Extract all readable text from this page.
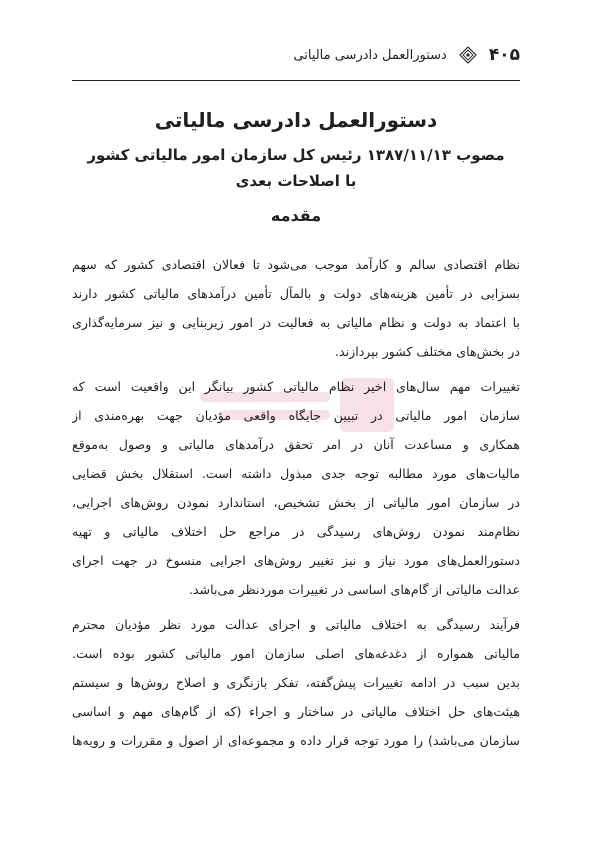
۴۰۵
دستورالعمل دادرسی مالیاتی
دستورالعمل دادرسی مالیاتی

مصوب ۱۳۸۷/۱۱/۱۳ رئیس کل سازمان امور مالیاتی کشور

با اصلاحات بعدی

مقدمه
نظام اقتصادی سالم و کارآمد موجب می‌شود تا فعالان اقتصادی کشور که سهم
بسزایی در تأمین هزینه‌های دولت و بالمآل تأمین درآمدهای مالیاتی کشور دارند
با اعتماد به دولت و نظام مالیاتی به فعالیت در امور زیربنایی و نیز سرمایه‌گذاری
در بخش‌های مختلف کشور بپردازند.
تغییرات مهم سال‌های اخیر نظام مالیاتی کشور بیانگر این واقعیت است که
سازمان امور مالیاتی در تبیین جایگاه واقعی مؤدیان جهت بهره‌مندی از
همکاری و مساعدت آنان در امر تحقق درآمدهای مالیاتی و وصول به‌موقع
مالیات‌های مورد مطالبه توجه جدی مبذول داشته است. استقلال بخش قضایی
در سازمان امور مالیاتی از بخش تشخیص، استاندارد نمودن روش‌های اجرایی،
نظام‌مند نمودن روش‌های رسیدگی در مراجع حل اختلاف مالیاتی و تهیه
دستورالعمل‌های مورد نیاز و نیز تغییر روش‌های اجرایی منسوخ در جهت اجرای
عدالت مالیاتی از گام‌های اساسی در تغییرات موردنظر می‌باشد.
فرآیند رسیدگی به اختلاف مالیاتی و اجرای عدالت مورد نظر مؤدیان محترم
مالیاتی همواره از دغدغه‌های اصلی سازمان امور مالیاتی کشور بوده است.
بدین سبب در ادامه تغییرات پیش‌گفته، تفکر بازنگری و اصلاح روش‌ها و سیستم
هیئت‌های حل اختلاف مالیاتی در ساختار و اجراء (که از گام‌های مهم و اساسی
سازمان می‌باشد) را مورد توجه قرار داده و مجموعه‌ای از اصول و مقررات و رویه‌ها
